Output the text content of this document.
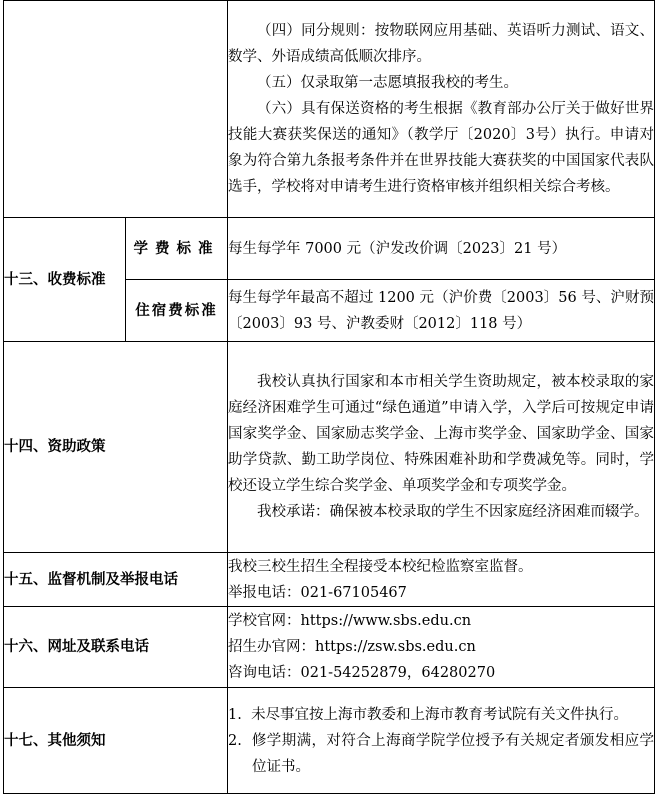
		（四）同分规则：按物联网应用基础、英语听力测试、语文、数学、外语成绩高低顺次排序。

（五）仅录取第一志愿填报我校的考生。

（六）具有保送资格的考生根据《教育部办公厅关于做好世界技能大赛获奖保送的通知》（教学厅〔2020〕3号）执行。申请对象为符合第九条报考条件并在世界技能大赛获奖的中国国家代表队选手，学校将对申请考生进行资格审核并组织相关综合考核。

十三、收费标准	学费标准	每生每学年 7000 元（沪发改价调〔2023〕21 号）
	住宿费标准	每生每学年最高不超过 1200 元（沪价费〔2003〕56 号、沪财预〔2003〕93 号、沪教委财〔2012〕118 号）
十四、资助政策		我校认真执行国家和本市相关学生资助规定，被本校录取的家庭经济困难学生可通过“绿色通道”申请入学，入学后可按规定申请国家奖学金、国家励志奖学金、上海市奖学金、国家助学金、国家助学贷款、勤工助学岗位、特殊困难补助和学费减免等。同时，学校还设立学生综合奖学金、单项奖学金和专项奖学金。

我校承诺：确保被本校录取的学生不因家庭经济困难而辍学。

十五、监督机制及举报电话		我校三校生招生全程接受本校纪检监察室监督。
举报电话：021-67105467

十六、网址及联系电话		学校官网：https://www.sbs.edu.cn
招生办官网：https://zsw.sbs.edu.cn
咨询电话：021-54252879，64280270

十七、其他须知		1. 未尽事宜按上海市教委和上海市教育考试院有关文件执行。
2. 修学期满，对符合上海商学院学位授予有关规定者颁发相应学位证书。
